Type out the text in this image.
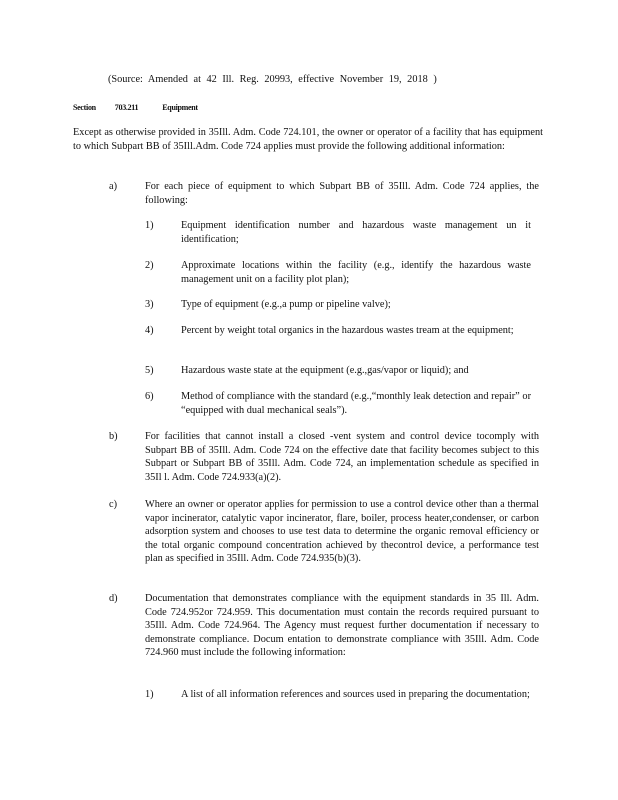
(Source: Amended at 42 Ill. Reg. 20993, effective November 19, 2018 )
Section 703.211	Equipment
Except as otherwise provided in 35Ill. Adm. Code 724.101, the owner or operator of a facility that has equipment to which Subpart BB of 35Ill.Adm. Code 724 applies must provide the following additional information:
a)	For each piece of equipment to which Subpart BB of 35Ill. Adm. Code 724 applies, the following:
1)	Equipment identification number and hazardous waste management un it identification;
2)	Approximate locations within the facility (e.g., identify the hazardous waste management unit on a facility plot plan);
3)	Type of equipment (e.g.,a pump or pipeline valve);
4)	Percent by weight total organics in the hazardous wastes tream at the equipment;
5)	Hazardous waste state at the equipment (e.g.,gas/vapor or liquid); and
6)	Method of compliance with the standard (e.g.,“monthly leak detection and repair” or “equipped with dual mechanical seals”).
b)	For facilities that cannot install a closed -vent system and control device tocomply with Subpart BB of 35Ill. Adm. Code 724 on the effective date that facility becomes subject to this Subpart or Subpart BB of 35Ill. Adm. Code 724, an implementation schedule as specified in 35Il l. Adm. Code 724.933(a)(2).
c)	Where an owner or operator applies for permission to use a control device other than a thermal vapor incinerator, catalytic vapor incinerator, flare, boiler, process heater,condenser, or carbon adsorption system and chooses to use test data to determine the organic removal efficiency or the total organic compound concentration achieved by thecontrol device, a performance test plan as specified in 35Ill. Adm. Code 724.935(b)(3).
d)	Documentation that demonstrates compliance with the equipment standards in 35 Ill. Adm. Code 724.952or 724.959. This documentation must contain the records required pursuant to 35Ill. Adm. Code 724.964. The Agency must request further documentation if necessary to demonstrate compliance. Docum entation to demonstrate compliance with 35Ill. Adm. Code 724.960 must include the following information:
1)	A list of all information references and sources used in preparing the documentation;
